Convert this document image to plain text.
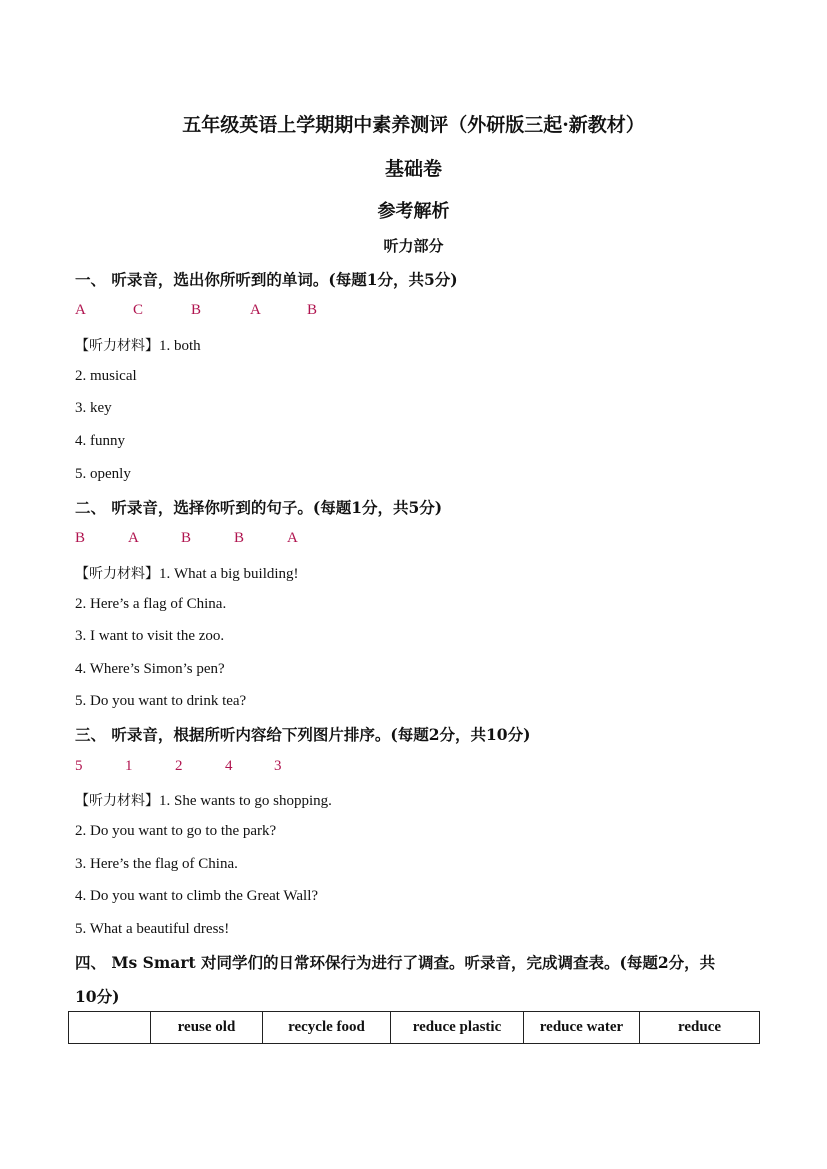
五年级英语上学期期中素养测评（外研版三起·新教材）
基础卷
参考解析
听力部分
一、 听录音，选出你所听到的单词。(每题1分，共5分)
A	C	B	A	B
【听力材料】1. both
2. musical
3. key
4. funny
5. openly
二、 听录音，选择你听到的句子。(每题1分，共5分)
B	A	B	B	A
【听力材料】1. What a big building!
2. Here’s a flag of China.
3. I want to visit the zoo.
4. Where’s Simon’s pen?
5. Do you want to drink tea?
三、 听录音，根据所听内容给下列图片排序。(每题2分，共10分)
5	1	2	4	3
【听力材料】1. She wants to go shopping.
2. Do you want to go to the park?
3. Here’s the flag of China.
4. Do you want to climb the Great Wall?
5. What a beautiful dress!
四、 Ms Smart 对同学们的日常环保行为进行了调查。听录音，完成调查表。(每题2分，共
10分)
	reuse old	recycle food	reduce plastic	reduce water	reduce
